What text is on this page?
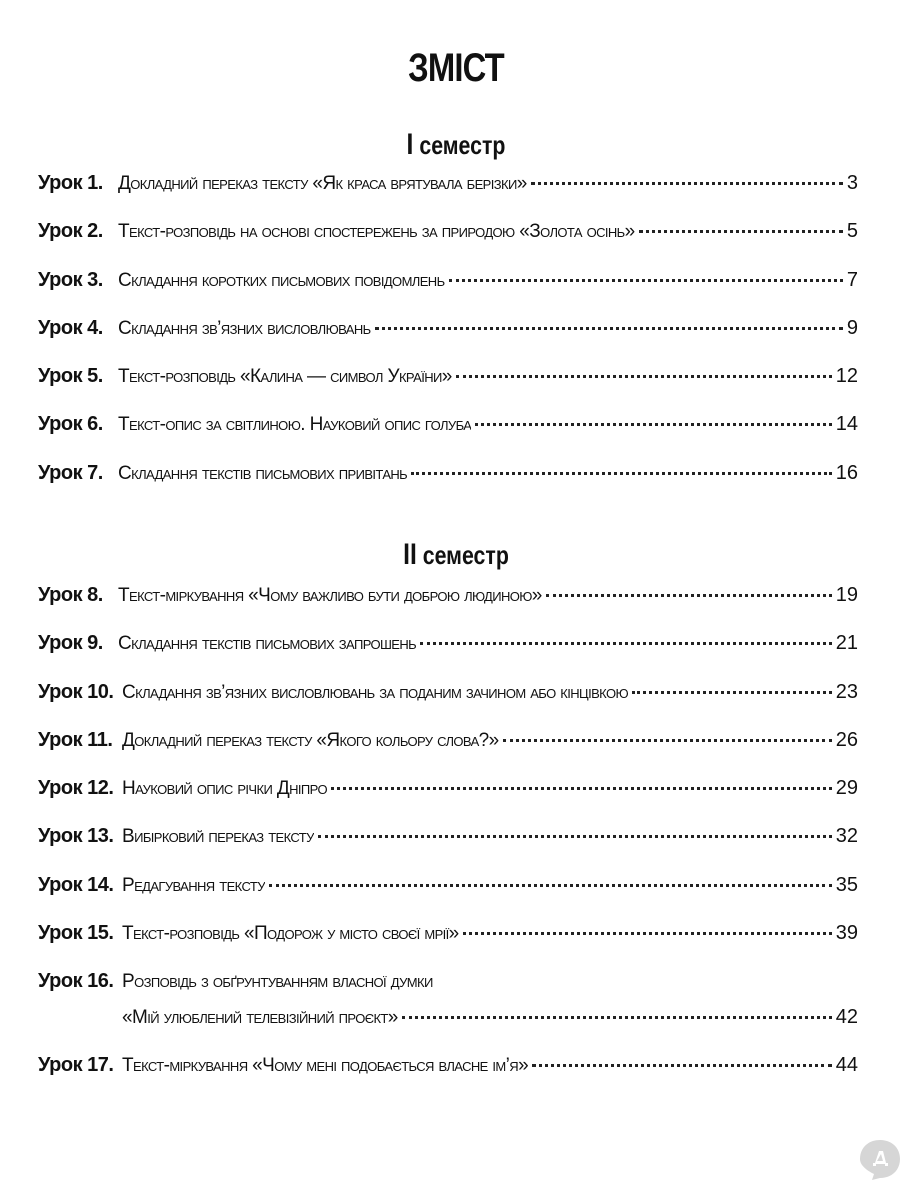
ЗМІСТ
I семестр
Урок 1. Докладний переказ тексту «Як краса врятувала берізки»	3
Урок 2. Текст-розповідь на основі спостережень за природою «Золота осінь»	5
Урок 3. Складання коротких письмових повідомлень	7
Урок 4. Складання зв’язних висловлювань	9
Урок 5. Текст-розповідь «Калина — символ України»	12
Урок 6. Текст-опис за світлиною. Науковий опис голуба	14
Урок 7. Складання текстів письмових привітань	16
II семестр
Урок 8. Текст-міркування «Чому важливо бути доброю людиною»	19
Урок 9. Складання текстів письмових запрошень	21
Урок 10. Складання зв’язних висловлювань за поданим зачином або кінцівкою	23
Урок 11. Докладний переказ тексту «Якого кольору слова?»	26
Урок 12. Науковий опис річки Дніпро	29
Урок 13. Вибірковий переказ тексту	32
Урок 14. Редагування тексту	35
Урок 15. Текст-розповідь «Подорож у місто своєї мрії»	39
Урок 16. Розповідь з обґрунтуванням власної думки
«Мій улюблений телевізійний проєкт»	42
Урок 17. Текст-міркування «Чому мені подобається власне ім’я»	44
